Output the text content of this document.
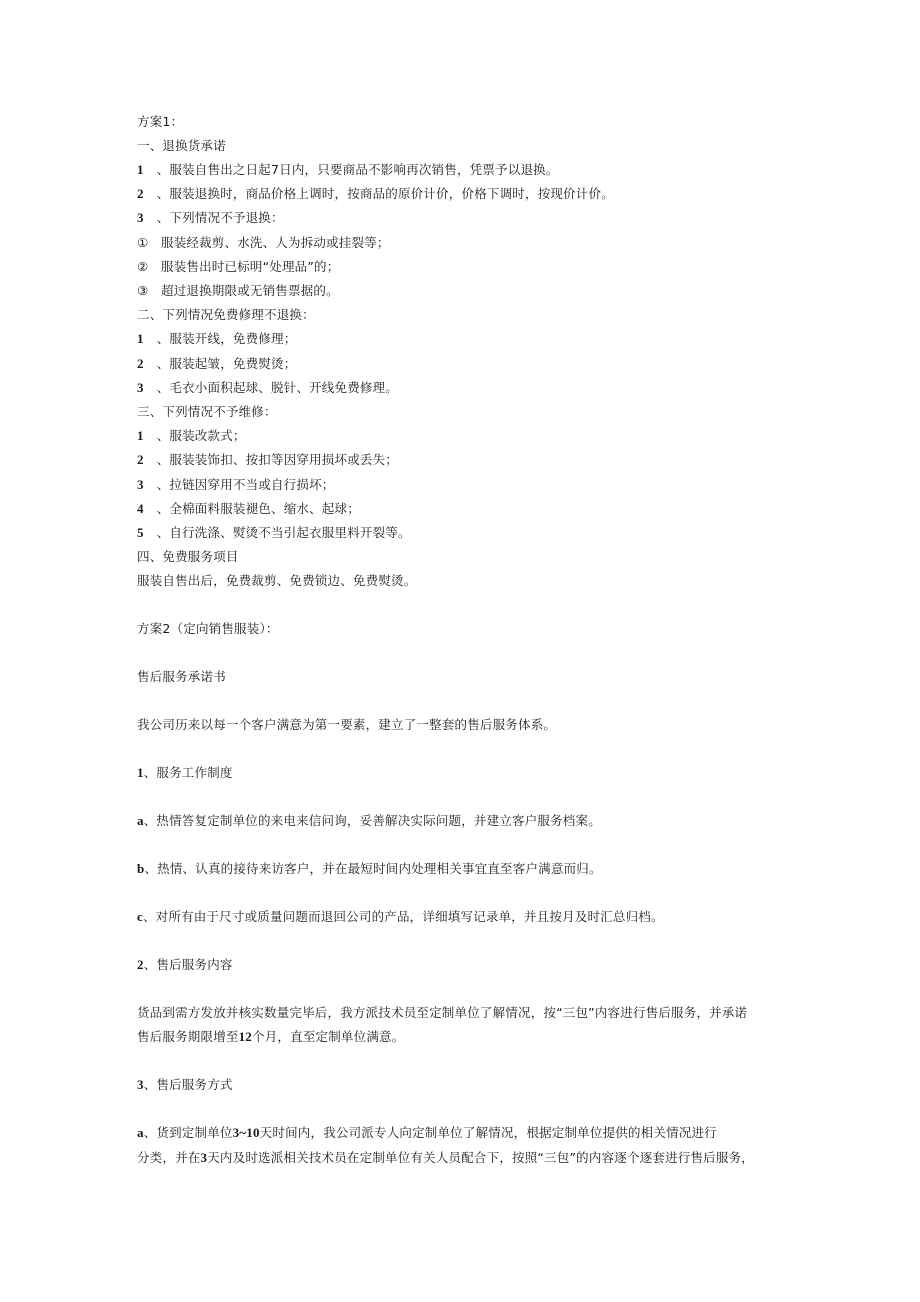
方案1：
一、退换货承诺
1 、服装自售出之日起7日内，只要商品不影响再次销售，凭票予以退换。
2 、服装退换时，商品价格上调时，按商品的原价计价，价格下调时，按现价计价。
3 、下列情况不予退换：
① 服装经裁剪、水洗、人为拆动或挂裂等；
② 服装售出时已标明“处理品”的；
③ 超过退换期限或无销售票据的。
二、下列情况免费修理不退换：
1 、服装开线，免费修理；
2 、服装起皱，免费熨烫；
3 、毛衣小面积起球、脱针、开线免费修理。
三、下列情况不予维修：
1 、服装改款式；
2 、服装装饰扣、按扣等因穿用损坏或丢失；
3 、拉链因穿用不当或自行损坏；
4 、全棉面料服装褪色、缩水、起球；
5 、自行洗涤、熨烫不当引起衣服里料开裂等。
四、免费服务项目
服装自售出后，免费裁剪、免费锁边、免费熨烫。
方案2（定向销售服装）：
售后服务承诺书
我公司历来以每一个客户满意为第一要素，建立了一整套的售后服务体系。
1、服务工作制度
a、热情答复定制单位的来电来信问询，妥善解决实际问题，并建立客户服务档案。
b、热情、认真的接待来访客户，并在最短时间内处理相关事宜直至客户满意而归。
c、对所有由于尺寸或质量问题而退回公司的产品，详细填写记录单，并且按月及时汇总归档。
2、售后服务内容
货品到需方发放并核实数量完毕后，我方派技术员至定制单位了解情况，按“三包”内容进行售后服务，并承诺
售后服务期限增至12个月，直至定制单位满意。
3、售后服务方式
a、货到定制单位3~10天时间内，我公司派专人向定制单位了解情况，根据定制单位提供的相关情况进行
分类，并在3天内及时选派相关技术员在定制单位有关人员配合下，按照“三包”的内容逐个逐套进行售后服务，
